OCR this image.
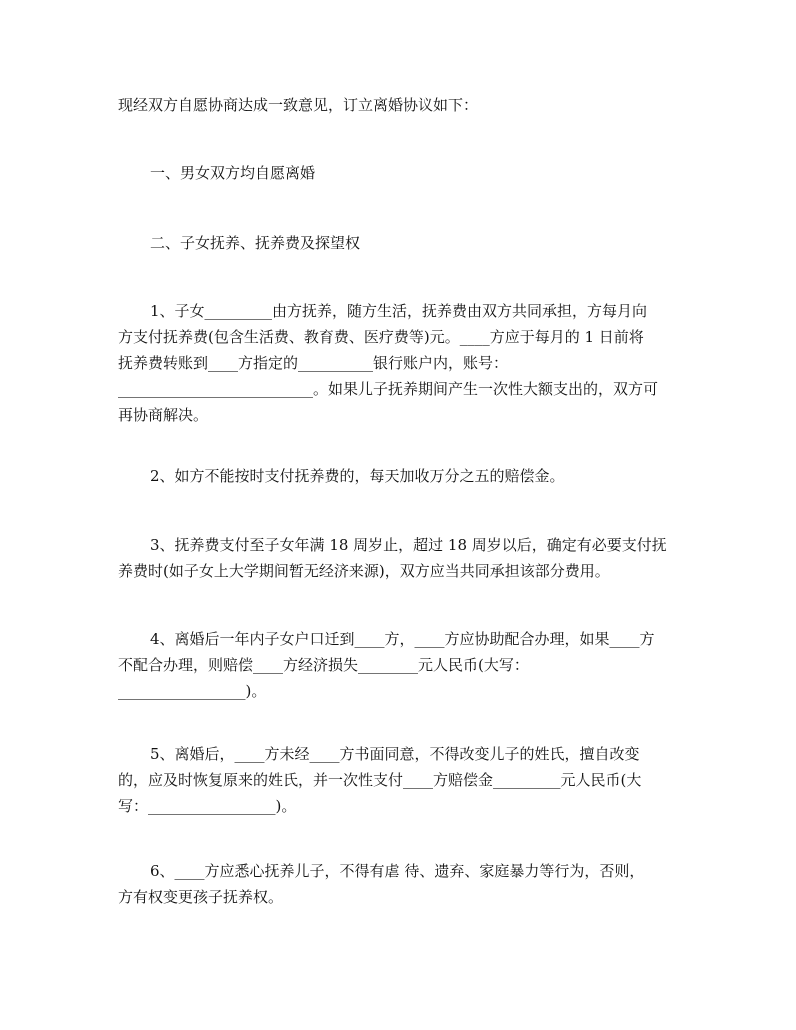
现经双方自愿协商达成一致意见，订立离婚协议如下：

一、男女双方均自愿离婚

二、子女抚养、抚养费及探望权

1、子女_________由方抚养，随方生活，抚养费由双方共同承担，方每月向
方支付抚养费(包含生活费、教育费、医疗费等)元。____方应于每月的 1 日前将
抚养费转账到____方指定的__________银行账户内，账号：
__________________________。如果儿子抚养期间产生一次性大额支出的，双方可
再协商解决。

2、如方不能按时支付抚养费的，每天加收万分之五的赔偿金。

3、抚养费支付至子女年满 18 周岁止，超过 18 周岁以后，确定有必要支付抚
养费时(如子女上大学期间暂无经济来源)，双方应当共同承担该部分费用。

4、离婚后一年内子女户口迁到____方，____方应协助配合办理，如果____方
不配合办理，则赔偿____方经济损失________元人民币(大写：
_________________)。

5、离婚后，____方未经____方书面同意，不得改变儿子的姓氏，擅自改变
的，应及时恢复原来的姓氏，并一次性支付____方赔偿金_________元人民币(大
写：_________________)。

6、____方应悉心抚养儿子，不得有虐 待、遗弃、家庭暴力等行为，否则，
方有权变更孩子抚养权。
